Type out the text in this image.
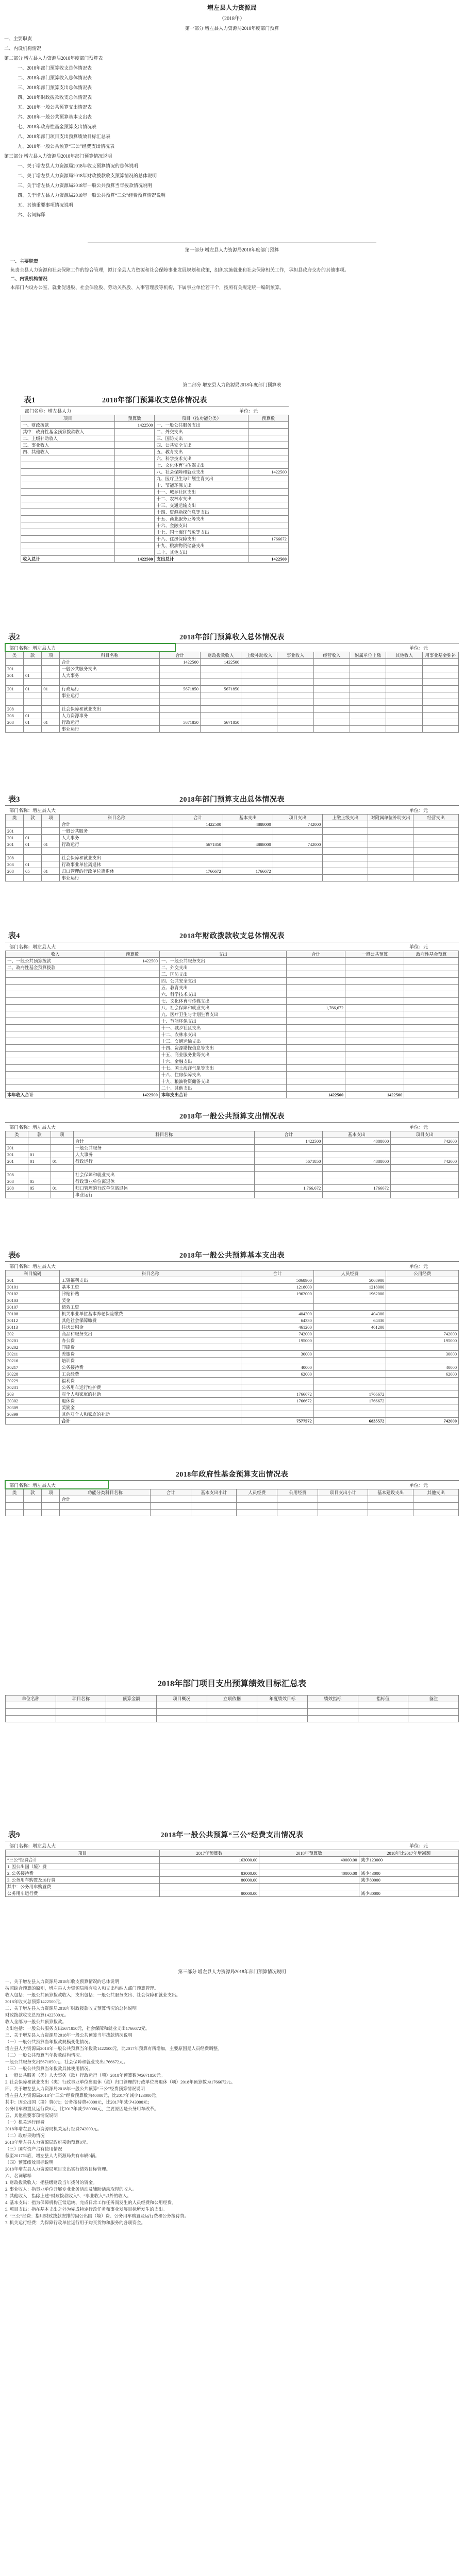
增左县人力资源局
（2018年）
第一部分 增左县人力资源局2018年度部门预算
一、主要职责
二、内设机构情况
第二部分 增左县人力资源局2018年度部门预算表
一、2018年部门预算收支总体情况表
二、2018年部门预算收入总体情况表
三、2018年部门预算支出总体情况表
四、2018年财政拨款收支总体情况表
五、2018年一般公共预算支出情况表
六、2018年一般公共预算基本支出表
七、2018年政府性基金预算支出情况表
八、2018年部门项目支出预算绩效目标汇总表
九、2018年一般公共预算“三公”经费支出情况表
第三部分 增左县人力资源局2018年部门预算情况说明
一、关于增左县人力资源局2018年收支预算情况的总体说明
二、关于增左县人力资源局2018年财政拨款收支预算情况的总体说明
三、关于增左县人力资源局2018年一般公共预算当年拨款情况说明
四、关于增左县人力资源局2018年一般公共预算“三公”经费预算情况说明
五、其他重要事项情况说明
六、名词解释
第一部分 增左县人力资源局2018年度部门预算

一、主要职责

负责全县人力资源和社会保障工作的综合管理，拟订全县人力资源和社会保障事业发展规划和政策，组织实施就业和社会保障相关工作，承担县政府交办的其他事项。

二、内设机构情况

本部门内设办公室、就业促进股、社会保险股、劳动关系股、人事管理股等机构，下属事业单位若干个，按照有关规定统一编制预算。

第二部分 增左县人力资源局2018年度部门预算表
表1	2018年部门预算收支总体情况表
部门名称：增左县人力	单位：元
项目	预算数	项目（按功能分类）	预算数
一、财政拨款	1422500	一、一般公共服务支出	
其中：政府性基金预算拨款收入		二、外交支出	
二、上级补助收入		三、国防支出	
三、事业收入		四、公共安全支出	
四、其他收入		五、教育支出	
		六、科学技术支出	
		七、文化体育与传媒支出	
		八、社会保障和就业支出	1422500
		九、医疗卫生与计划生育支出	
		十、节能环保支出	
		十一、城乡社区支出	
		十二、农林水支出	
		十三、交通运输支出	
		十四、资源勘探信息等支出	
		十五、商业服务业等支出	
		十六、金融支出	
		十七、国土海洋气象等支出	
		十八、住房保障支出	1766672
		十九、粮油物资储备支出	
		二十、其他支出	
收入总计	1422500	支出总计	1422500
表2	2018年部门预算收入总体情况表
部门名称：增左县人力	单位：元
类	款	项	科目名称	合计	财政拨款收入	上级补助收入	事业收入	经营收入	附属单位上缴	其他收入	用事业基金弥补
			合计	1422500	1422500						
201			一般公共服务支出								
201	01		人大事务								

201	01	01	行政运行	5671850	5671850						
			事业运行								

208			社会保障和就业支出								
208	01		人力资源事务								
208	01	01	行政运行	5671850	5671850						
			事业运行								
表3	2018年部门预算支出总体情况表
部门名称：增左县人大	单位：元
类	款	项	科目名称	合计	基本支出	项目支出	上缴上级支出	对附属单位补助支出	经营支出
			合计	1422500	4888000	742000			
201			一般公共服务						
201	01		人大事务						
201	01	01	行政运行	5671850	4888000	742000			

208			社会保障和就业支出						
208	01		行政事业单位离退休						
208	05	01	归口管理的行政单位离退休	1766672	1766672				
			事业运行						
表4	2018年财政拨款收支总体情况表
部门名称：增左县人大	单位：元
收入	预算数	支出	合计	一般公共预算	政府性基金预算
一、一般公共预算拨款	1422500	一、一般公共服务支出			
二、政府性基金预算拨款		二、外交支出			
		三、国防支出			
		四、公共安全支出			
		五、教育支出			
		六、科学技术支出			
		七、文化体育与传媒支出			
		八、社会保障和就业支出	1,766,672		
		九、医疗卫生与计划生育支出			
		十、节能环保支出			
		十一、城乡社区支出			
		十二、农林水支出			
		十三、交通运输支出			
		十四、资源勘探信息等支出			
		十五、商业服务业等支出			
		十六、金融支出			
		十七、国土海洋气象等支出			
		十八、住房保障支出			
		十九、粮油物资储备支出			
		二十、其他支出			
本年收入合计	1422500	本年支出合计	1422500	1422500	
2018年一般公共预算支出情况表
部门名称：增左县人大	单位：元
类	款	项	科目名称	合计	基本支出	项目支出
			合计	1422500	4888000	742000
201			一般公共服务			
201	01		人大事务			
201	01	01	行政运行	5671850	4888000	742000

208			社会保障和就业支出			
208	05		行政事业单位离退休			
208	05	01	归口管理的行政单位离退休	1,766,672	1766672	
			事业运行			
表6	2018年一般公共预算基本支出表
部门名称：增左县人大	单位：元
科目编码	科目名称	合计	人员经费	公用经费
301	工资福利支出	5068900	5068900	
30101	基本工资	1218000	1218000	
30102	津贴补贴	1962000	1962000	
30103	奖金			
30107	绩效工资			
30108	机关事业单位基本养老保险缴费	404300	404300	
30112	其他社会保障缴费	64330	64330	
30113	住房公积金	461200	461200	
302	商品和服务支出	742000		742000
30201	办公费	195000		195000
30202	印刷费			
30211	差旅费	30000		30000
30216	培训费			
30217	公务接待费	40000		40000
30228	工会经费	62000		62000
30229	福利费			
30231	公务用车运行维护费			
303	对个人和家庭的补助	1766672	1766672	
30302	退休费	1766672	1766672	
30309	奖励金			
30399	其他对个人和家庭的补助			
	合计	7577572	6835572	742000
2018年政府性基金预算支出情况表
部门名称：增左县人大	单位：元
类	款	项	功能分类科目名称	合计	基本支出小计	人员经费	公用经费	项目支出小计	基本建设支出	其他支出
			合计							

2018年部门项目支出预算绩效目标汇总表
单位名称	项目名称	预算金额	项目概况	立项依据	年度绩效目标	绩效指标	指标值	备注

表9	2018年一般公共预算“三公”经费支出情况表
部门名称：增左县人大	单位：元
项目	2017年预算数	2018年预算数	2018年比2017年增减额
“三公”经费合计	163000.00	40000.00	减少123000
1. 因公出国（境）费			
2. 公务接待费	83000.00	40000.00	减少43000
3. 公务用车购置及运行费	80000.00		减少80000
其中：公务用车购置费			
公务用车运行费	80000.00		减少80000
第三部分 增左县人力资源局2018年部门预算情况说明
一、关于增左县人力资源局2018年收支预算情况的总体说明
按照综合预算的原则，增左县人力资源局所有收入和支出均纳入部门预算管理。
收入包括：一般公共预算拨款收入；支出包括：一般公共服务支出、社会保障和就业支出。
2018年收支总预算1422500元。
二、关于增左县人力资源局2018年财政拨款收支预算情况的总体说明
财政拨款收支总预算1422500元。
收入全部为一般公共预算拨款。
支出包括：一般公共服务支出5671850元，社会保障和就业支出1766672元。
三、关于增左县人力资源局2018年一般公共预算当年拨款情况说明
（一）一般公共预算当年拨款规模变化情况。
增左县人力资源局2018年一般公共预算当年拨款1422500元，比2017年预算有所增加，主要原因是人员经费调整。
（二）一般公共预算当年拨款结构情况。
一般公共服务支出5671850元；社会保障和就业支出1766672元。
（三）一般公共预算当年拨款具体使用情况。
1. 一般公共服务（类）人大事务（款）行政运行（项）2018年预算数为5671850元。
2. 社会保障和就业支出（类）行政事业单位离退休（款）归口管理的行政单位离退休（项）2018年预算数为1766672元。
四、关于增左县人力资源局2018年一般公共预算“三公”经费预算情况说明
增左县人力资源局2018年“三公”经费预算数为40000元，比2017年减少123000元。
其中：因公出国（境）费0元；公务接待费40000元，比2017年减少43000元；
公务用车购置及运行费0元，比2017年减少80000元，主要原因是公务用车改革。
五、其他重要事项情况说明
（一）机关运行经费
2018年增左县人力资源局机关运行经费742000元。
（二）政府采购情况
2018年增左县人力资源局政府采购预算0元。
（三）国有资产占有使用情况
截至2017年底，增左县人力资源局共有车辆0辆。
（四）预算绩效目标说明
2018年增左县人力资源局项目支出实行绩效目标管理。
六、名词解释
1. 财政拨款收入：指县级财政当年拨付的资金。
2. 事业收入：指事业单位开展专业业务活动及辅助活动取得的收入。
3. 其他收入：指除上述“财政拨款收入”、“事业收入”以外的收入。
4. 基本支出：指为保障机构正常运转、完成日常工作任务而发生的人员经费和公用经费。
5. 项目支出：指在基本支出之外为完成特定行政任务和事业发展目标所发生的支出。
6. “三公”经费：指用财政拨款安排的因公出国（境）费、公务用车购置及运行费和公务接待费。
7. 机关运行经费：为保障行政单位运行用于购买货物和服务的各项资金。
